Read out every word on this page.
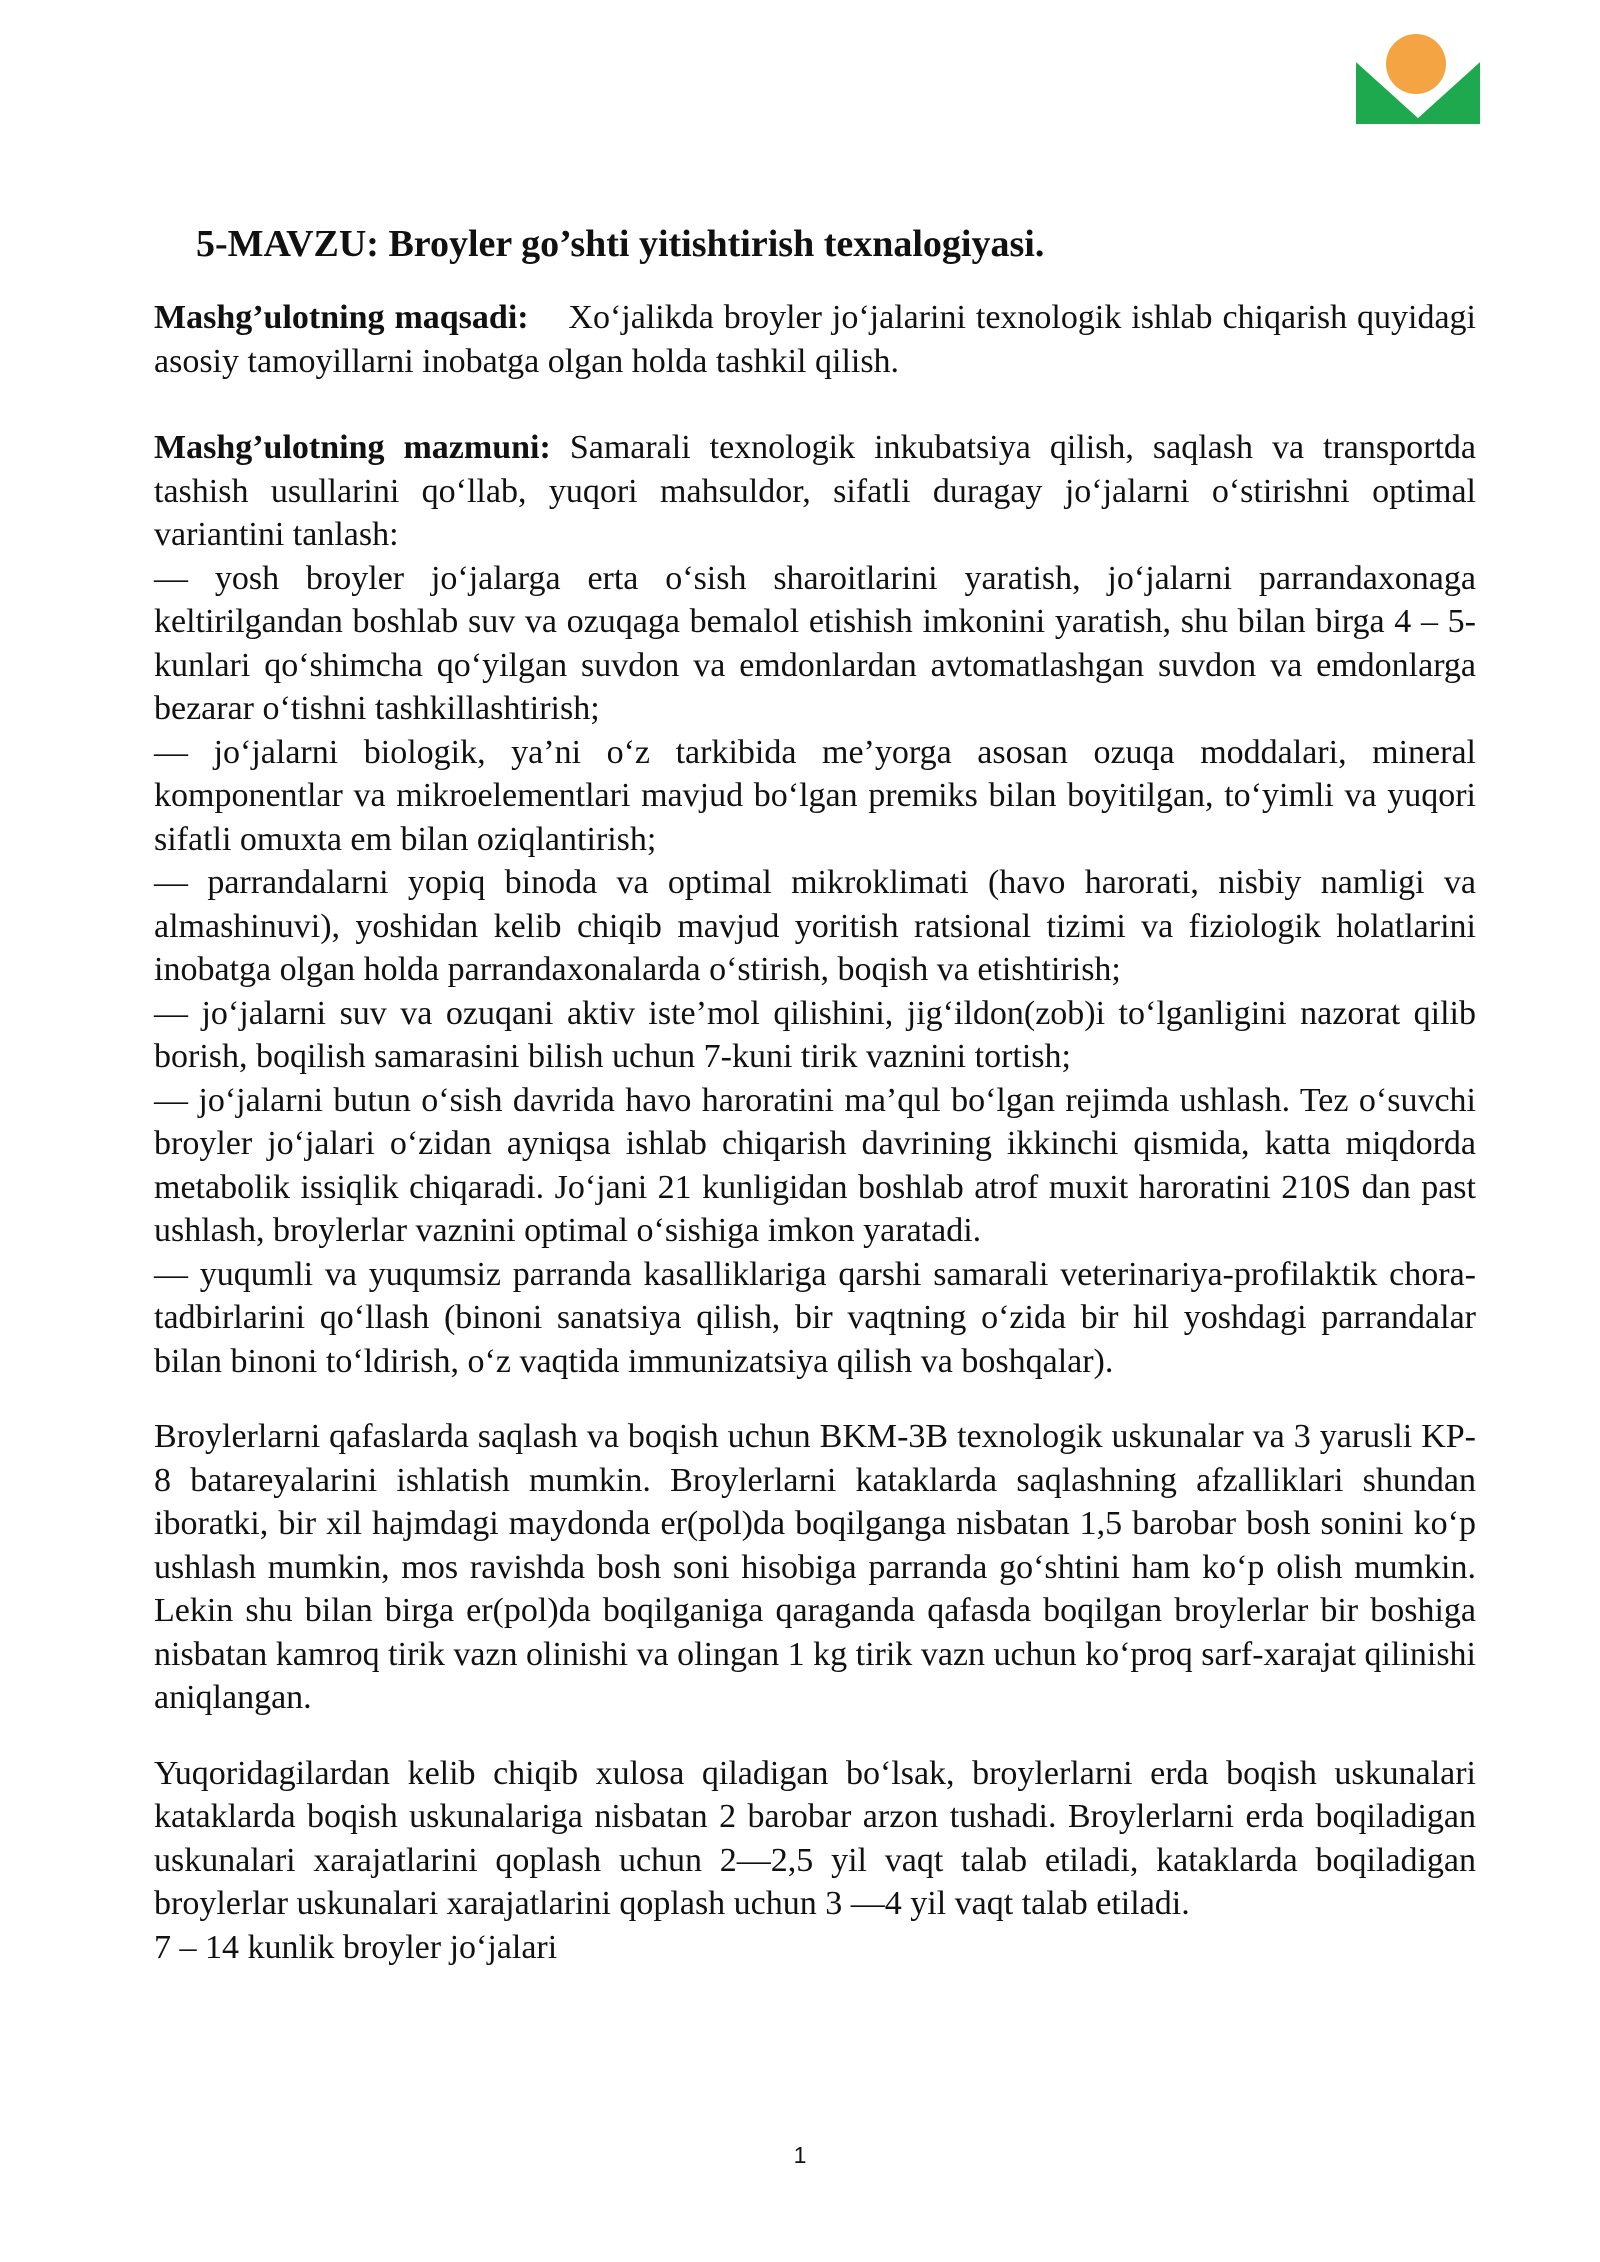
5-MAVZU: Broyler go’shti yitishtirish texnalogiyasi.

Mashg’ulotning maqsadi: Xo‘jalikda broyler jo‘jalarini texnologik ishlab chiqarish quyidagi asosiy tamoyillarni inobatga olgan holda tashkil qilish.

Mashg’ulotning mazmuni: Samarali texnologik inkubatsiya qilish, saqlash va transportda tashish usullarini qo‘llab, yuqori mahsuldor, sifatli duragay jo‘jalarni o‘stirishni optimal variantini tanlash:

— yosh broyler jo‘jalarga erta o‘sish sharoitlarini yaratish, jo‘jalarni parrandaxonaga keltirilgandan boshlab suv va ozuqaga bemalol etishish imkonini yaratish, shu bilan birga 4 – 5-kunlari qo‘shimcha qo‘yilgan suvdon va emdonlardan avtomatlashgan suvdon va emdonlarga bezarar o‘tishni tashkillashtirish;

— jo‘jalarni biologik, ya’ni o‘z tarkibida me’yorga asosan ozuqa moddalari, mineral komponentlar va mikroelementlari mavjud bo‘lgan premiks bilan boyitilgan, to‘yimli va yuqori sifatli omuxta em bilan oziqlantirish;

— parrandalarni yopiq binoda va optimal mikroklimati (havo harorati, nisbiy namligi va almashinuvi), yoshidan kelib chiqib mavjud yoritish ratsional tizimi va fiziologik holatlarini inobatga olgan holda parrandaxonalarda o‘stirish, boqish va etishtirish;

— jo‘jalarni suv va ozuqani aktiv iste’mol qilishini, jig‘ildon(zob)i to‘lganligini nazorat qilib borish, boqilish samarasini bilish uchun 7-kuni tirik vaznini tortish;

— jo‘jalarni butun o‘sish davrida havo haroratini ma’qul bo‘lgan rejimda ushlash. Tez o‘suvchi broyler jo‘jalari o‘zidan ayniqsa ishlab chiqarish davrining ikkinchi qismida, katta miqdorda metabolik issiqlik chiqaradi. Jo‘jani 21 kunligidan boshlab atrof muxit haroratini 210S dan past ushlash, broylerlar vaznini optimal o‘sishiga imkon yaratadi.

— yuqumli va yuqumsiz parranda kasalliklariga qarshi samarali veterinariya-profilaktik chora-tadbirlarini qo‘llash (binoni sanatsiya qilish, bir vaqtning o‘zida bir hil yoshdagi parrandalar bilan binoni to‘ldirish, o‘z vaqtida immunizatsiya qilish va boshqalar).

Broylerlarni qafaslarda saqlash va boqish uchun BKM-3B texnologik uskunalar va 3 yarusli KP-8 batareyalarini ishlatish mumkin. Broylerlarni kataklarda saqlashning afzalliklari shundan iboratki, bir xil hajmdagi maydonda er(pol)da boqilganga nisbatan 1,5 barobar bosh sonini ko‘p ushlash mumkin, mos ravishda bosh soni hisobiga parranda go‘shtini ham ko‘p olish mumkin. Lekin shu bilan birga er(pol)da boqilganiga qaraganda qafasda boqilgan broylerlar bir boshiga nisbatan kamroq tirik vazn olinishi va olingan 1 kg tirik vazn uchun ko‘proq sarf-xarajat qilinishi aniqlangan.

Yuqoridagilardan kelib chiqib xulosa qiladigan bo‘lsak, broylerlarni erda boqish uskunalari kataklarda boqish uskunalariga nisbatan 2 barobar arzon tushadi. Broylerlarni erda boqiladigan uskunalari xarajatlarini qoplash uchun 2—2,5 yil vaqt talab etiladi, kataklarda boqiladigan broylerlar uskunalari xarajatlarini qoplash uchun 3 —4 yil vaqt talab etiladi.

7 – 14 kunlik broyler jo‘jalari

1
